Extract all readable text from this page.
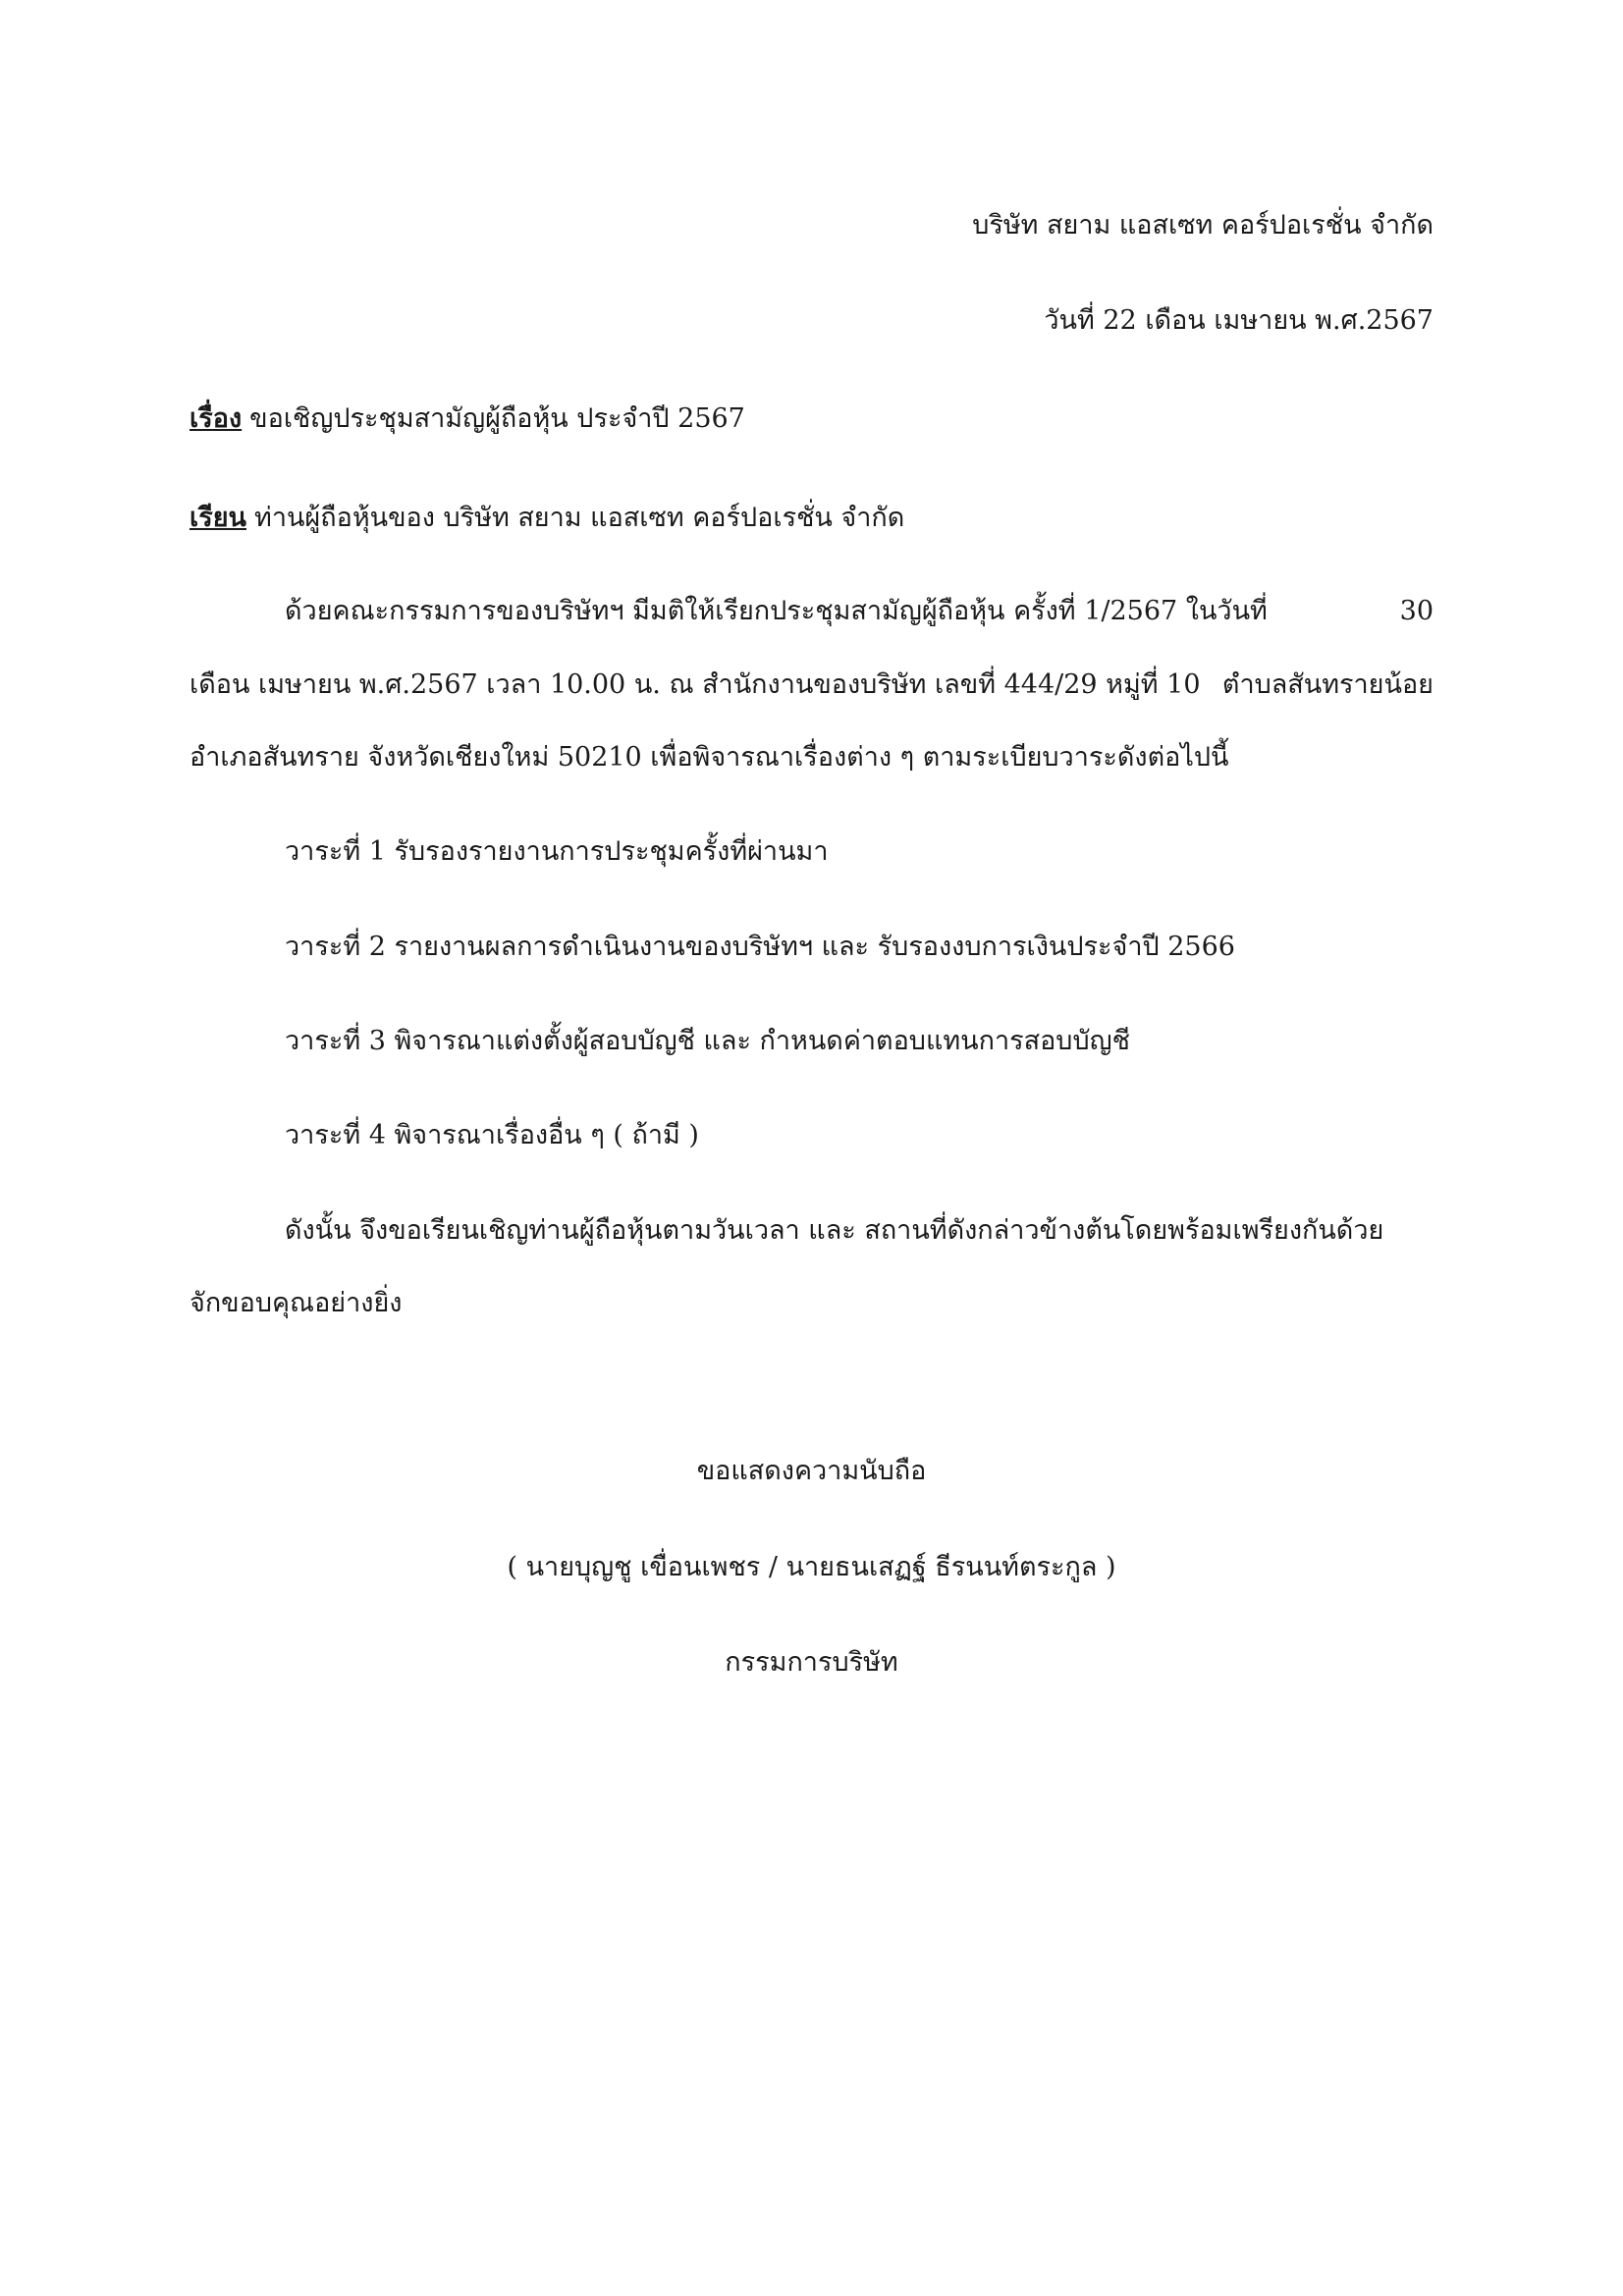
บริษัท สยาม แอสเซท คอร์ปอเรชั่น จำกัด
วันที่ 22 เดือน เมษายน พ.ศ.2567
เรื่อง ขอเชิญประชุมสามัญผู้ถือหุ้น ประจำปี 2567
เรียน ท่านผู้ถือหุ้นของ บริษัท สยาม แอสเซท คอร์ปอเรชั่น จำกัด
ด้วยคณะกรรมการของบริษัทฯ มีมติให้เรียกประชุมสามัญผู้ถือหุ้น ครั้งที่ 1/2567 ในวันที่	30
เดือน เมษายน พ.ศ.2567 เวลา 10.00 น. ณ สำนักงานของบริษัท เลขที่ 444/29 หมู่ที่ 10 ตำบลสันทรายน้อย
อำเภอสันทราย จังหวัดเชียงใหม่ 50210 เพื่อพิจารณาเรื่องต่าง ๆ ตามระเบียบวาระดังต่อไปนี้
วาระที่ 1 รับรองรายงานการประชุมครั้งที่ผ่านมา
วาระที่ 2 รายงานผลการดำเนินงานของบริษัทฯ และ รับรองงบการเงินประจำปี 2566
วาระที่ 3 พิจารณาแต่งตั้งผู้สอบบัญชี และ กำหนดค่าตอบแทนการสอบบัญชี
วาระที่ 4 พิจารณาเรื่องอื่น ๆ ( ถ้ามี )
ดังนั้น จึงขอเรียนเชิญท่านผู้ถือหุ้นตามวันเวลา และ สถานที่ดังกล่าวข้างต้นโดยพร้อมเพรียงกันด้วย
จักขอบคุณอย่างยิ่ง
ขอแสดงความนับถือ
( นายบุญชู เขื่อนเพชร / นายธนเสฏฐ์ ธีรนนท์ตระกูล )
กรรมการบริษัท
